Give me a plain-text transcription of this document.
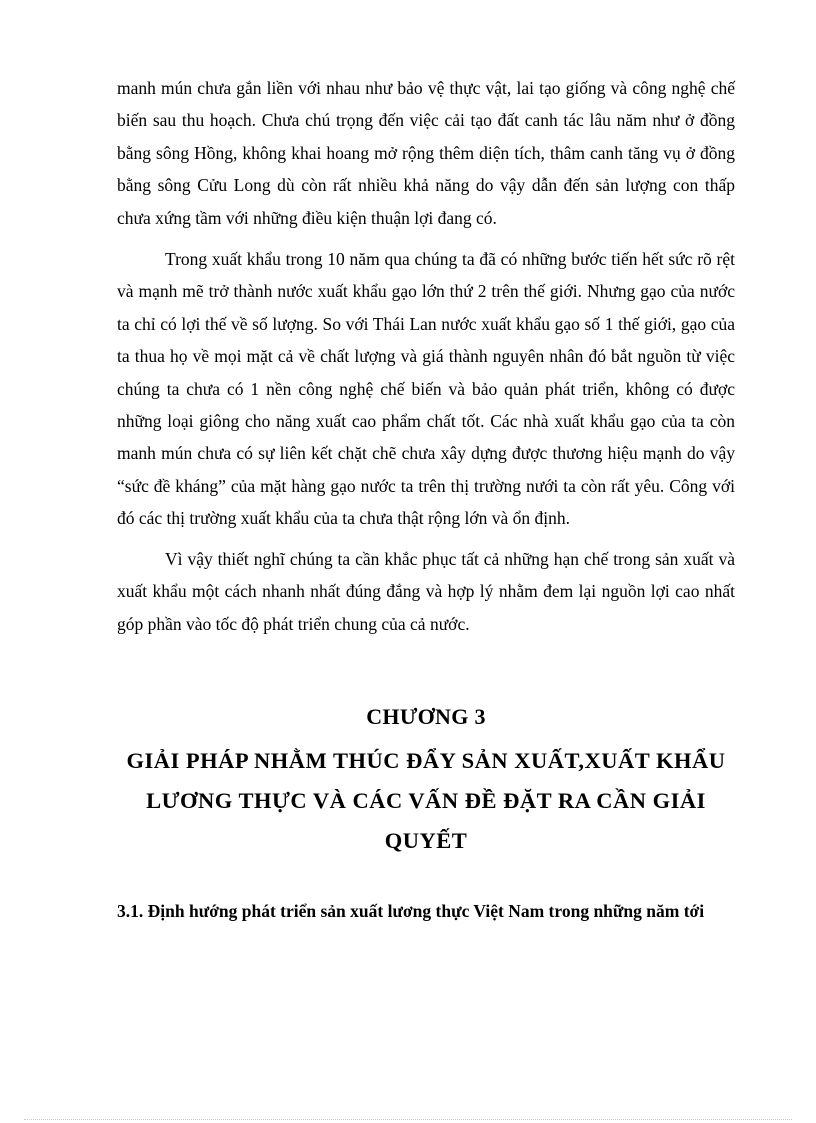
manh mún chưa gắn liền với nhau như bảo vệ thực vật, lai tạo giống và công nghệ chế biến sau thu hoạch. Chưa chú trọng đến việc cải tạo đất canh tác lâu năm như ở đồng bằng sông Hồng, không khai hoang mở rộng thêm diện tích, thâm canh tăng vụ ở đồng bằng sông Cửu Long dù còn rất nhiều khả năng do vậy dẫn đến sản lượng con thấp chưa xứng tầm với những điều kiện thuận lợi đang có.

Trong xuất khẩu trong 10 năm qua chúng ta đã có những bước tiến hết sức rõ rệt và mạnh mẽ trở thành nước xuất khẩu gạo lớn thứ 2 trên thế giới. Nhưng gạo của nước ta chỉ có lợi thế về số lượng. So với Thái Lan nước xuất khẩu gạo số 1 thế giới, gạo của ta thua họ về mọi mặt cả về chất lượng và giá thành nguyên nhân đó bắt nguồn từ việc chúng ta chưa có 1 nền công nghệ chế biến và bảo quản phát triển, không có được những loại giông cho năng xuất cao phẩm chất tốt. Các nhà xuất khẩu gạo của ta còn manh mún chưa có sự liên kết chặt chẽ chưa xây dựng được thương hiệu mạnh do vậy “sức đề kháng” của mặt hàng gạo nước ta trên thị trường nưới ta còn rất yêu. Công với đó các thị trường xuất khẩu của ta chưa thật rộng lớn và ổn định.

Vì vậy thiết nghĩ chúng ta cần khắc phục tất cả những hạn chế trong sản xuất và xuất khẩu một cách nhanh nhất đúng đắng và hợp lý nhằm đem lại nguồn lợi cao nhất góp phần vào tốc độ phát triển chung của cả nước.

CHƯƠNG 3
GIẢI PHÁP NHẰM THÚC ĐẨY SẢN XUẤT,XUẤT KHẨU LƯƠNG THỰC VÀ CÁC VẤN ĐỀ ĐẶT RA CẦN GIẢI QUYẾT
3.1. Định hướng phát triển sản xuất lương thực Việt Nam trong những năm tới
